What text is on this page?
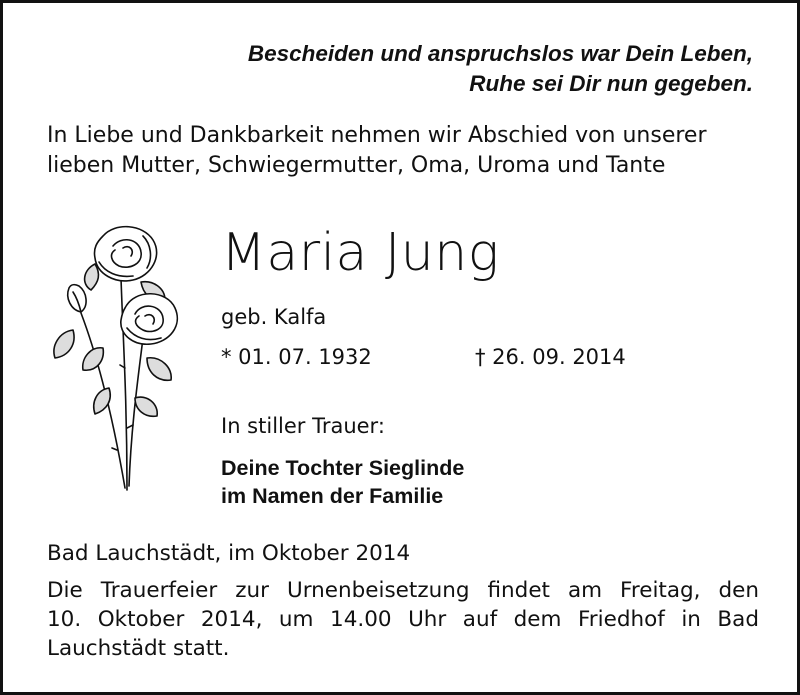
Bescheiden und anspruchslos war Dein Leben,
Ruhe sei Dir nun gegeben.
In Liebe und Dankbarkeit nehmen wir Abschied von unserer
lieben Mutter, Schwiegermutter, Oma, Uroma und Tante
Maria Jung
geb. Kalfa
* 01. 07. 1932	† 26. 09. 2014
In stiller Trauer:
Deine Tochter Sieglinde
im Namen der Familie
Bad Lauchstädt, im Oktober 2014
Die Trauerfeier zur Urnenbeisetzung findet am Freitag, den
10. Oktober 2014, um 14.00 Uhr auf dem Friedhof in Bad
Lauchstädt statt.
